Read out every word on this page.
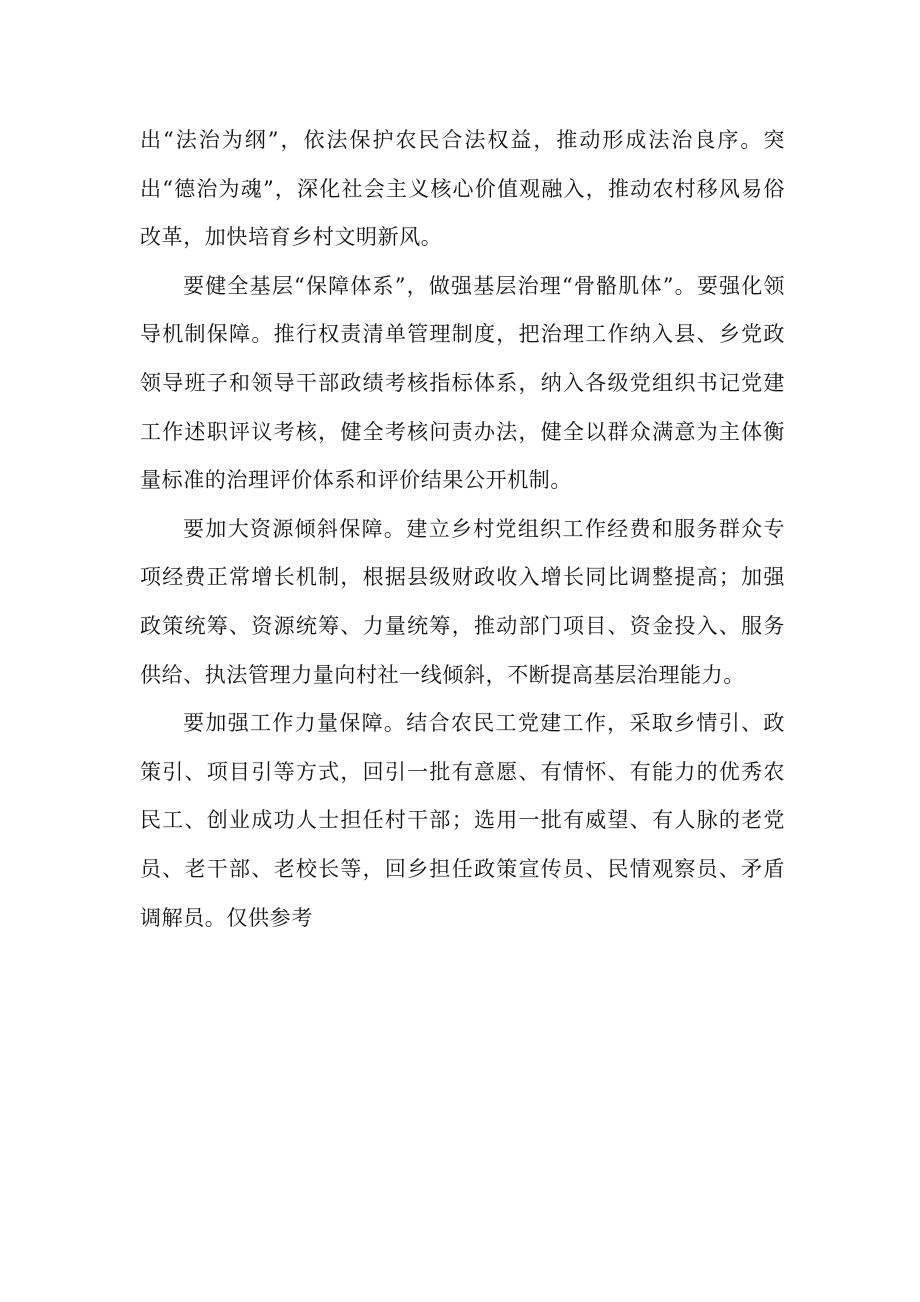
出“法治为纲”，依法保护农民合法权益，推动形成法治良序。突出“德治为魂”，深化社会主义核心价值观融入，推动农村移风易俗改革，加快培育乡村文明新风。

要健全基层“保障体系”，做强基层治理“骨骼肌体”。要强化领导机制保障。推行权责清单管理制度，把治理工作纳入县、乡党政领导班子和领导干部政绩考核指标体系，纳入各级党组织书记党建工作述职评议考核，健全考核问责办法，健全以群众满意为主体衡量标准的治理评价体系和评价结果公开机制。

要加大资源倾斜保障。建立乡村党组织工作经费和服务群众专项经费正常增长机制，根据县级财政收入增长同比调整提高；加强政策统筹、资源统筹、力量统筹，推动部门项目、资金投入、服务供给、执法管理力量向村社一线倾斜，不断提高基层治理能力。

要加强工作力量保障。结合农民工党建工作，采取乡情引、政策引、项目引等方式，回引一批有意愿、有情怀、有能力的优秀农民工、创业成功人士担任村干部；选用一批有威望、有人脉的老党员、老干部、老校长等，回乡担任政策宣传员、民情观察员、矛盾调解员。仅供参考
